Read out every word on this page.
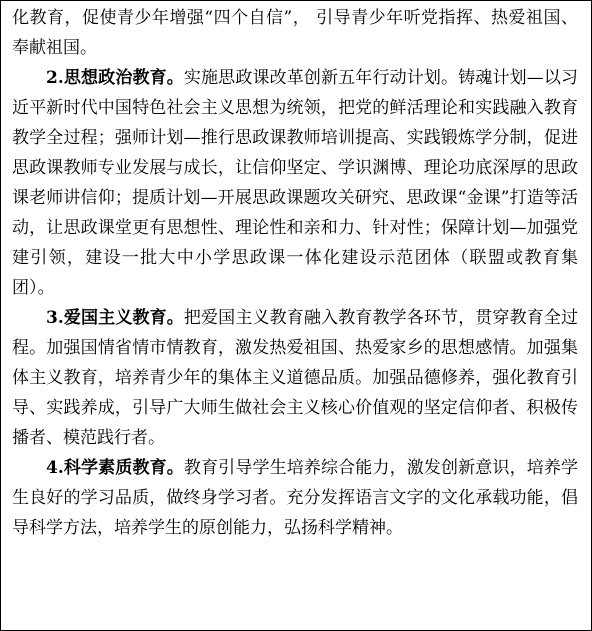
化教育，促使青少年增强“四个自信”， 引导青少年听党指挥、热爱祖国、奉献祖国。

2.思想政治教育。实施思政课改革创新五年行动计划。铸魂计划—以习近平新时代中国特色社会主义思想为统领，把党的鲜活理论和实践融入教育教学全过程；强师计划—推行思政课教师培训提高、实践锻炼学分制，促进思政课教师专业发展与成长，让信仰坚定、学识渊博、理论功底深厚的思政课老师讲信仰；提质计划—开展思政课题攻关研究、思政课“金课”打造等活动，让思政课堂更有思想性、理论性和亲和力、针对性；保障计划—加强党建引领，建设一批大中小学思政课一体化建设示范团体（联盟或教育集团）。

3.爱国主义教育。把爱国主义教育融入教育教学各环节，贯穿教育全过程。加强国情省情市情教育，激发热爱祖国、热爱家乡的思想感情。加强集体主义教育，培养青少年的集体主义道德品质。加强品德修养，强化教育引导、实践养成，引导广大师生做社会主义核心价值观的坚定信仰者、积极传播者、模范践行者。

4.科学素质教育。教育引导学生培养综合能力，激发创新意识，培养学生良好的学习品质，做终身学习者。充分发挥语言文字的文化承载功能，倡导科学方法，培养学生的原创能力，弘扬科学精神。
